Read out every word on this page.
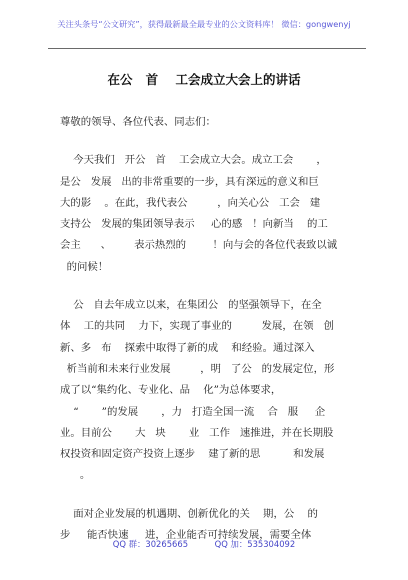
关注头条号“公文研究”，获得最新最全最专业的公文资料库！ 微信：gongwenyj
在公   首    工会成立大会上的讲话
尊敬的领导、各位代表、同志们：
今天我们   开公   首    工会成立大会。成立工会       ，
是公   发展   出的非常重要的一步，具有深远的意义和巨
大的影    。在此，我代表公         ，向关心公   工会   建
支持公   发展的集团领导表示     心的感   ！向新当    的工
会主      、       表示热烈的        ！向与会的各位代表致以诚
的问候！
公   自去年成立以来，在集团公   的坚强领导下，在全
体    工的共同    力下，实现了事业的         发展，在领   创
新、多   布    探索中取得了新的成    和经验。通过深入
析当前和未来行业发展         ，明   了公   的发展定位，形
成了以“集约化、专业化、品    化”为总体要求，
“       ”的发展       ，力   打造全国一流    合   服     企
业。目前公       大   块       业   工作   速推进，并在长期股
权投资和固定资产投资上逐步    建了新的思          和发展
。
面对企业发展的机遇期、创新优化的关    期，公    的
步     能否快速     进，企业能否可持续发展，需要全体
QQ 群：30265665          QQ 加：535304092
